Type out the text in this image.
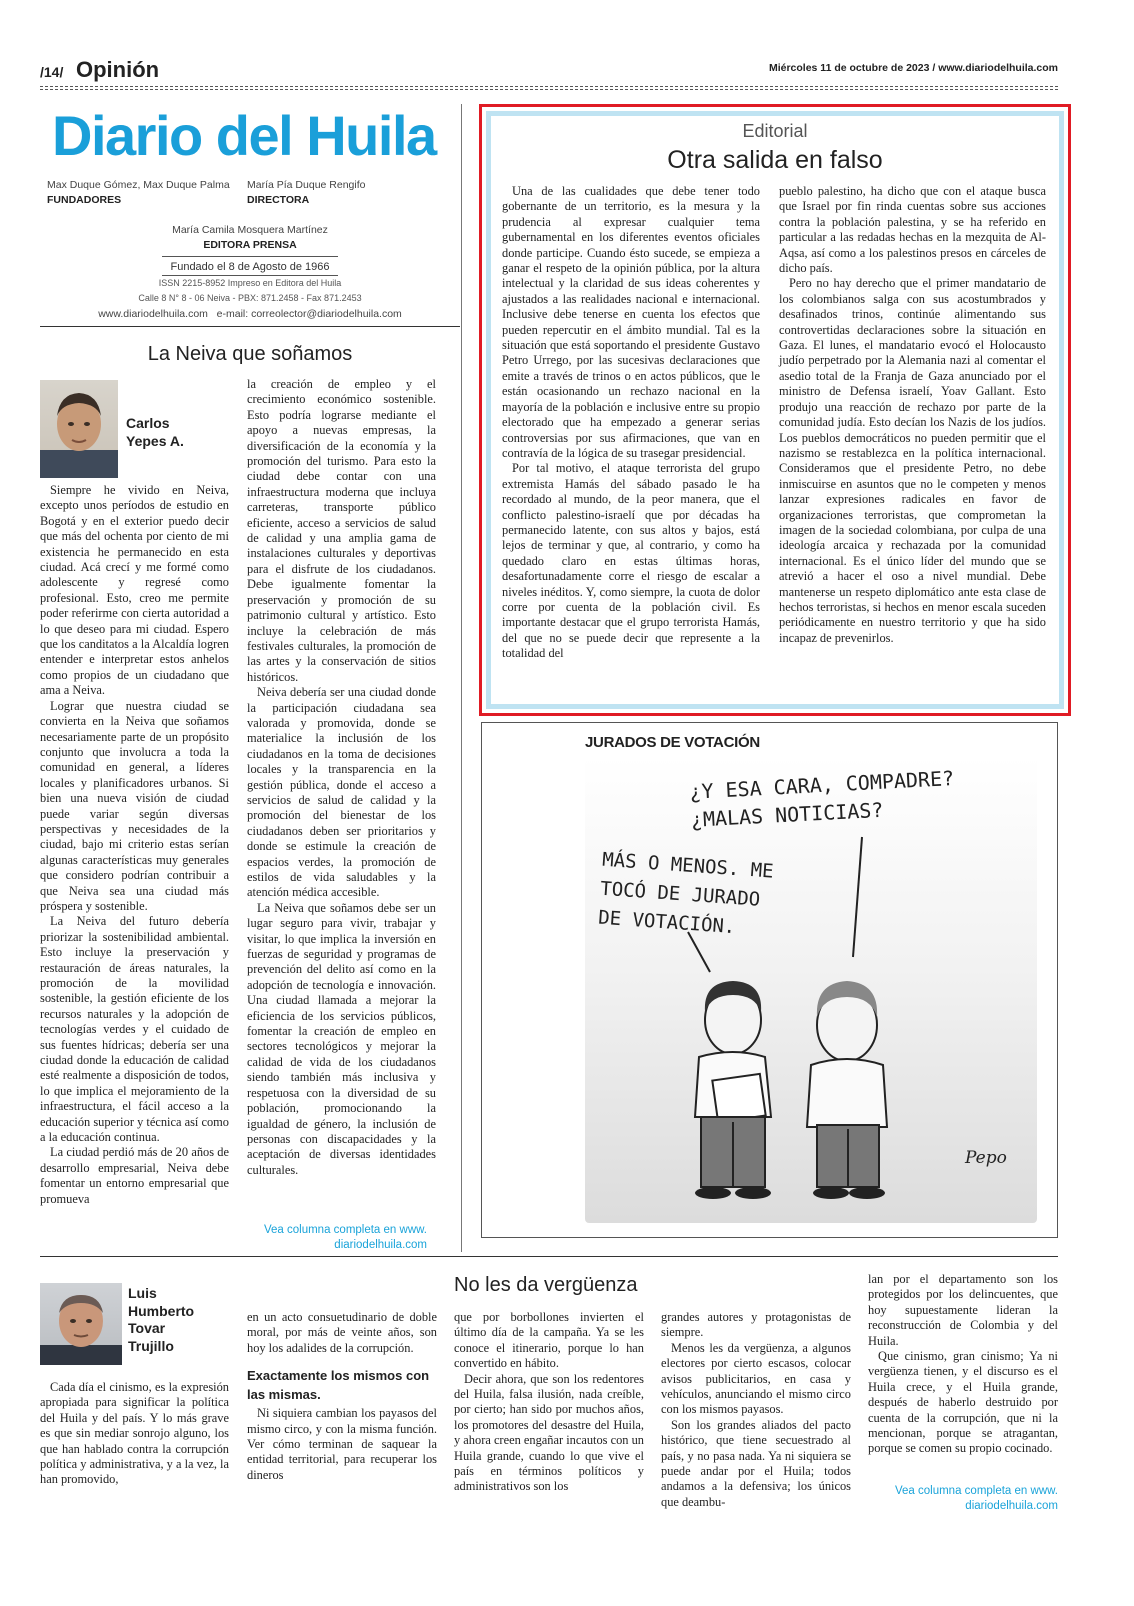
/14/ Opinión	Miércoles 11 de octubre de 2023 / www.diariodelhuila.com
Diario del Huila
Max Duque Gómez, Max Duque Palma
FUNDADORES
María Pía Duque Rengifo
DIRECTORA
María Camila Mosquera Martínez
EDITORA PRENSA
Fundado el 8 de Agosto de 1966
ISSN 2215-8952 Impreso en Editora del Huila
Calle 8 N° 8 - 06 Neiva - PBX: 871.2458 - Fax 871.2453
www.diariodelhuila.com   e-mail: correolector@diariodelhuila.com
La Neiva que soñamos
Carlos
Yepes A.

Siempre he vivido en Neiva, excepto unos períodos de estudio en Bogotá y en el exterior puedo decir que más del ochenta por ciento de mi existencia he permanecido en esta ciudad. Acá crecí y me formé como adolescente y regresé como profesional. Esto, creo me permite poder referirme con cierta autoridad a lo que deseo para mi ciudad. Espero que los canditatos a la Alcaldía logren entender e interpretar estos anhelos como propios de un ciudadano que ama a Neiva.

Lograr que nuestra ciudad se convierta en la Neiva que soñamos necesariamente parte de un propósito conjunto que involucra a toda la comunidad en general, a líderes locales y planificadores urbanos. Si bien una nueva visión de ciudad puede variar según diversas perspectivas y necesidades de la ciudad, bajo mi criterio estas serían algunas características muy generales que considero podrían contribuir a que Neiva sea una ciudad más próspera y sostenible.

La Neiva del futuro debería priorizar la sostenibilidad ambiental. Esto incluye la preservación y restauración de áreas naturales, la promoción de la movilidad sostenible, la gestión eficiente de los recursos naturales y la adopción de tecnologías verdes y el cuidado de sus fuentes hídricas; debería ser una ciudad donde la educación de calidad esté realmente a disposición de todos, lo que implica el mejoramiento de la infraestructura, el fácil acceso a la educación superior y técnica así como a la educación continua.

La ciudad perdió más de 20 años de desarrollo empresarial, Neiva debe fomentar un entorno empresarial que promueva

la creación de empleo y el crecimiento económico sostenible. Esto podría lograrse mediante el apoyo a nuevas empresas, la diversificación de la economía y la promoción del turismo. Para esto la ciudad debe contar con una infraestructura moderna que incluya carreteras, transporte público eficiente, acceso a servicios de salud de calidad y una amplia gama de instalaciones culturales y deportivas para el disfrute de los ciudadanos. Debe igualmente fomentar la preservación y promoción de su patrimonio cultural y artístico. Esto incluye la celebración de más festivales culturales, la promoción de las artes y la conservación de sitios históricos.

Neiva debería ser una ciudad donde la participación ciudadana sea valorada y promovida, donde se materialice la inclusión de los ciudadanos en la toma de decisiones locales y la transparencia en la gestión pública, donde el acceso a servicios de salud de calidad y la promoción del bienestar de los ciudadanos deben ser prioritarios y donde se estimule la creación de espacios verdes, la promoción de estilos de vida saludables y la atención médica accesible.

La Neiva que soñamos debe ser un lugar seguro para vivir, trabajar y visitar, lo que implica la inversión en fuerzas de seguridad y programas de prevención del delito así como en la adopción de tecnología e innovación. Una ciudad llamada a mejorar la eficiencia de los servicios públicos, fomentar la creación de empleo en sectores tecnológicos y mejorar la calidad de vida de los ciudadanos siendo también más inclusiva y respetuosa con la diversidad de su población, promocionando la igualdad de género, la inclusión de personas con discapacidades y la aceptación de diversas identidades culturales.

Vea columna completa en www.
diariodelhuila.com
Editorial
Otra salida en falso

Una de las cualidades que debe tener todo gobernante de un territorio, es la mesura y la prudencia al expresar cualquier tema gubernamental en los diferentes eventos oficiales donde participe. Cuando ésto sucede, se empieza a ganar el respeto de la opinión pública, por la altura intelectual y la claridad de sus ideas coherentes y ajustados a las realidades nacional e internacional. Inclusive debe tenerse en cuenta los efectos que pueden repercutir en el ámbito mundial. Tal es la situación que está soportando el presidente Gustavo Petro Urrego, por las sucesivas declaraciones que emite a través de trinos o en actos públicos, que le están ocasionando un rechazo nacional en la mayoría de la población e inclusive entre su propio electorado que ha empezado a generar serias controversias por sus afirmaciones, que van en contravía de la lógica de su trasegar presidencial.

Por tal motivo, el ataque terrorista del grupo extremista Hamás del sábado pasado le ha recordado al mundo, de la peor manera, que el conflicto palestino-israelí que por décadas ha permanecido latente, con sus altos y bajos, está lejos de terminar y que, al contrario, y como ha quedado claro en estas últimas horas, desafortunadamente corre el riesgo de escalar a niveles inéditos. Y, como siempre, la cuota de dolor corre por cuenta de la población civil. Es importante destacar que el grupo terrorista Hamás, del que no se puede decir que represente a la totalidad del

pueblo palestino, ha dicho que con el ataque busca que Israel por fin rinda cuentas sobre sus acciones contra la población palestina, y se ha referido en particular a las redadas hechas en la mezquita de Al-Aqsa, así como a los palestinos presos en cárceles de dicho país.

Pero no hay derecho que el primer mandatario de los colombianos salga con sus acostumbrados y desafinados trinos, continúe alimentando sus controvertidas declaraciones sobre la situación en Gaza. El lunes, el mandatario evocó el Holocausto judío perpetrado por la Alemania nazi al comentar el asedio total de la Franja de Gaza anunciado por el ministro de Defensa israelí, Yoav Gallant. Esto produjo una reacción de rechazo por parte de la comunidad judía. Esto decían los Nazis de los judíos. Los pueblos democráticos no pueden permitir que el nazismo se restablezca en la política internacional. Consideramos que el presidente Petro, no debe inmiscuirse en asuntos que no le competen y menos lanzar expresiones radicales en favor de organizaciones terroristas, que comprometan la imagen de la sociedad colombiana, por culpa de una ideología arcaica y rechazada por la comunidad internacional. Es el único líder del mundo que se atrevió a hacer el oso a nivel mundial. Debe mantenerse un respeto diplomático ante esta clase de hechos terroristas, si hechos en menor escala suceden periódicamente en nuestro territorio y que ha sido incapaz de prevenirlos.

JURADOS DE VOTACIÓN
¿Y ESA CARA, COMPADRE?
¿MALAS NOTICIAS?
MÁS O MENOS. ME
TOCÓ DE JURADO
DE VOTACIÓN.
Pepo
Luis
Humberto
Tovar
Trujillo
No les da vergüenza

Cada día el cinismo, es la expresión apropiada para significar la política del Huila y del país. Y lo más grave es que sin mediar sonrojo alguno, los que han hablado contra la corrupción política y administrativa, y a la vez, la han promovido,

en un acto consuetudinario de doble moral, por más de veinte años, son hoy los adalides de la corrupción.

Exactamente los mismos con las mismas.

Ni siquiera cambian los payasos del mismo circo, y con la misma función. Ver cómo terminan de saquear la entidad territorial, para recuperar los dineros

que por borbollones invierten el último día de la campaña. Ya se les conoce el itinerario, porque lo han convertido en hábito.

Decir ahora, que son los redentores del Huila, falsa ilusión, nada creíble, por cierto; han sido por muchos años, los promotores del desastre del Huila, y ahora creen engañar incautos con un Huila grande, cuando lo que vive el país en términos políticos y administrativos son los

grandes autores y protagonistas de siempre.

Menos les da vergüenza, a algunos electores por cierto escasos, colocar avisos publicitarios, en casa y vehículos, anunciando el mismo circo con los mismos payasos.

Son los grandes aliados del pacto histórico, que tiene secuestrado al país, y no pasa nada. Ya ni siquiera se puede andar por el Huila; todos andamos a la defensiva; los únicos que deambu-

lan por el departamento son los protegidos por los delincuentes, que hoy supuestamente lideran la reconstrucción de Colombia y del Huila.

Que cinismo, gran cinismo; Ya ni vergüenza tienen, y el discurso es el Huila crece, y el Huila grande, después de haberlo destruido por cuenta de la corrupción, que ni la mencionan, porque se atragantan, porque se comen su propio cocinado.

Vea columna completa en www.
diariodelhuila.com
